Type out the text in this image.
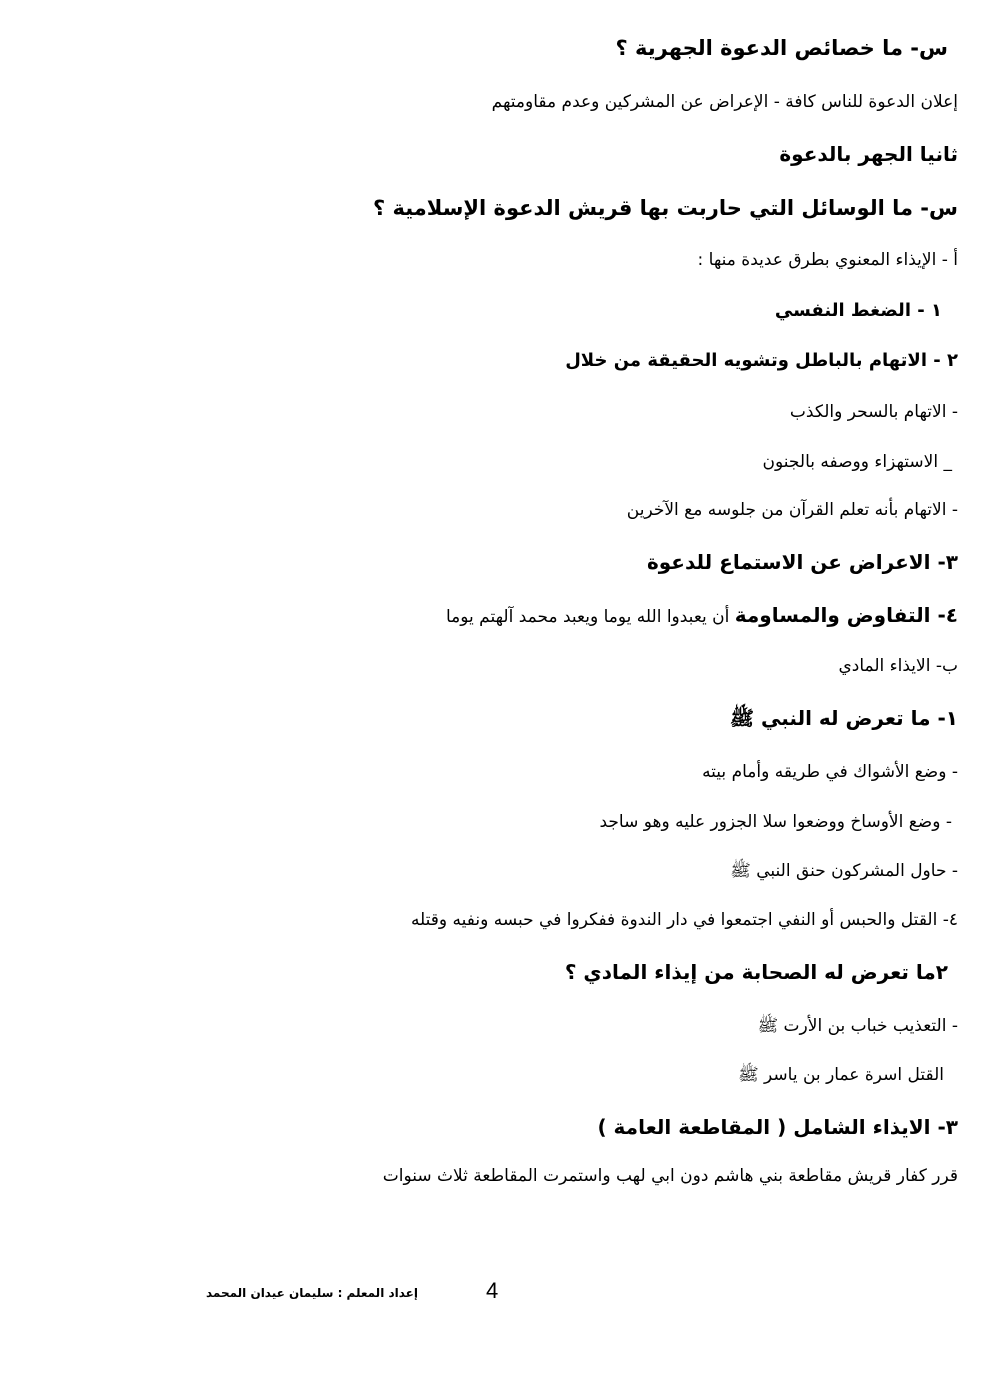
س- ما خصائص الدعوة الجهرية ؟
إعلان الدعوة للناس كافة - الإعراض عن المشركين وعدم مقاومتهم
ثانيا الجهر بالدعوة
س- ما الوسائل التي حاربت بها قريش الدعوة الإسلامية ؟
أ - الإيذاء المعنوي بطرق عديدة منها :
١ - الضغط النفسي
٢ - الاتهام بالباطل وتشويه الحقيقة من خلال
- الاتهام بالسحر والكذب
_ الاستهزاء ووصفه بالجنون
- الاتهام بأنه تعلم القرآن من جلوسه مع الآخرين
٣- الاعراض عن الاستماع للدعوة
٤- التفاوض والمساومة أن يعبدوا الله يوما ويعبد محمد آلهتم يوما
ب- الايذاء المادي
١- ما تعرض له النبي ﷺ
- وضع الأشواك في طريقه وأمام بيته
- وضع الأوساخ ووضعوا سلا الجزور عليه وهو ساجد
- حاول المشركون حنق النبي ﷺ
٤- القتل والحبس أو النفي اجتمعوا في دار الندوة ففكروا في حبسه ونفيه وقتله
٢ما تعرض له الصحابة من إيذاء المادي ؟
- التعذيب خباب بن الأرت ﷺ
القتل اسرة عمار بن ياسر ﷺ
٣- الايذاء الشامل ( المقاطعة العامة )
قرر كفار قريش مقاطعة بني هاشم دون ابي لهب واستمرت المقاطعة ثلاث سنوات
4
إعداد المعلم : سليمان عيدان المحمد
